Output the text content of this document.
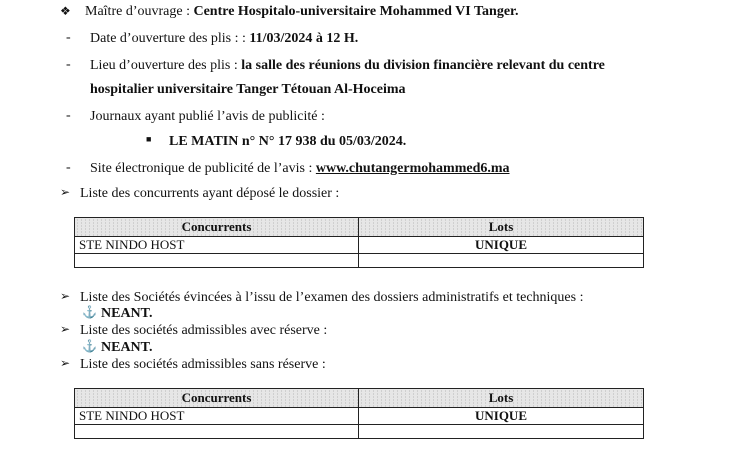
❖ Maître d’ouvrage : Centre Hospitalo-universitaire Mohammed VI Tanger.
- Date d’ouverture des plis : : 11/03/2024 à 12 H.
- Lieu d’ouverture des plis : la salle des réunions du division financière relevant du centre
hospitalier universitaire Tanger Tétouan Al-Hoceima
- Journaux ayant publié l’avis de publicité :
■ LE MATIN n° N° 17 938 du 05/03/2024.
- Site électronique de publicité de l’avis : www.chutangermohammed6.ma
➢ Liste des concurrents ayant déposé le dossier :
Concurrents	Lots
STE NINDO HOST	UNIQUE

➢ Liste des Sociétés évincées à l’issu de l’examen des dossiers administratifs et techniques :
⚓ NEANT.
➢ Liste des sociétés admissibles avec réserve :
⚓ NEANT.
➢ Liste des sociétés admissibles sans réserve :
Concurrents	Lots
STE NINDO HOST	UNIQUE
